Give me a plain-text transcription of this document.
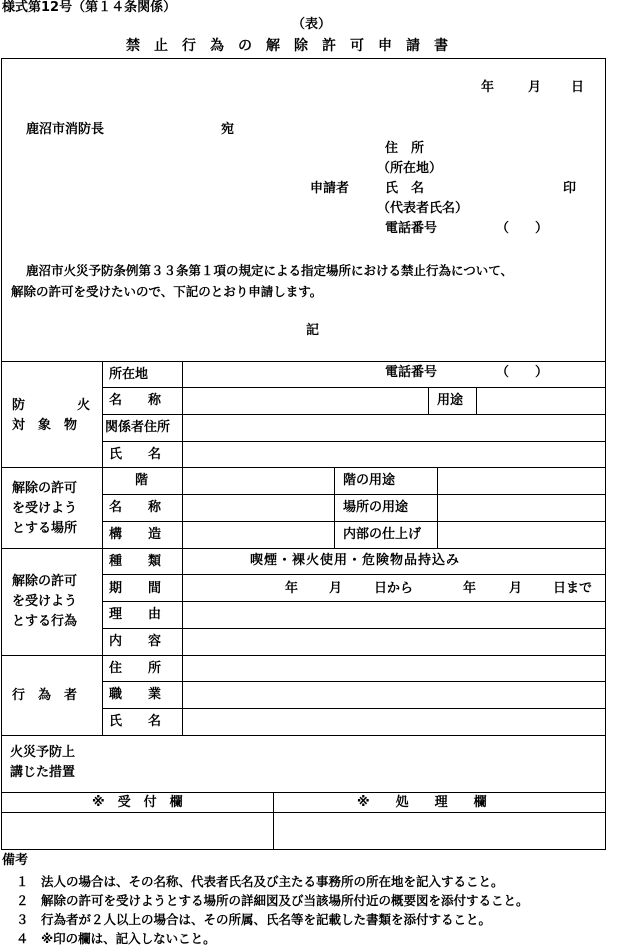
様式第12号（第１４条関係）
（表）
禁　止　行　為　の　解　除　許　可　申　請　書
年	月 日
鹿沼市消防長	宛
住　所
（所在地）
申請者	氏　名	印
（代表者氏名）
電話番号	（　　）
鹿沼市火災予防条例第３３条第１項の規定による指定場所における禁止行為について、
解除の許可を受けたいので、下記のとおり申請します。
記
防　　　　火
対　象　物
所在地	電話番号	（　　）
名　　称	用途
関係者住所
氏　　名
解除の許可
を受けよう
とする場所
階	階の用途
名　　称	場所の用途
構　　造	内部の仕上げ
解除の許可
を受けよう
とする行為
種　　類	喫煙・裸火使用・危険物品持込み
期　　間	年 月 日から	年	月 日まで
理　　由
内　　容
行　為　者
住　　所
職　　業
氏　　名
火災予防上
講じた措置
※　受　付　欄	※　　処　　理　　欄
備考
１　法人の場合は、その名称、代表者氏名及び主たる事務所の所在地を記入すること。
２　解除の許可を受けようとする場所の詳細図及び当該場所付近の概要図を添付すること。
３　行為者が２人以上の場合は、その所属、氏名等を記載した書類を添付すること。
４　※印の欄は、記入しないこと。
